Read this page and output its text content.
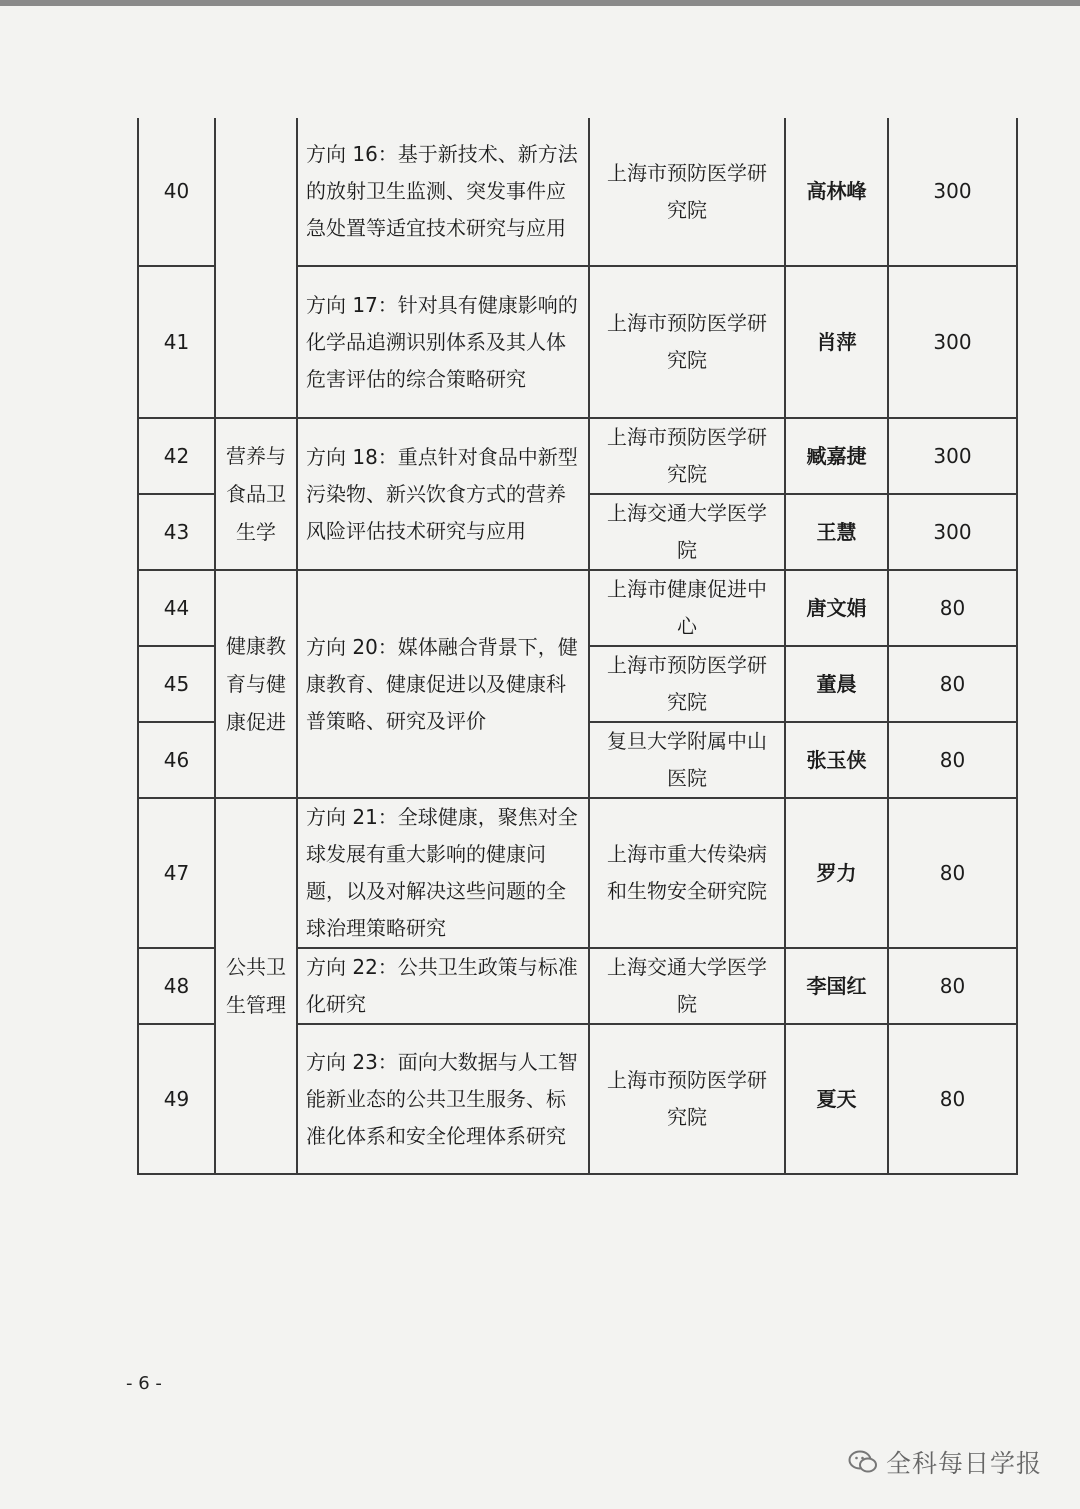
40		方向 16：基于新技术、新方法的放射卫生监测、突发事件应急处置等适宜技术研究与应用	上海市预防医学研究院	高林峰	300
41		方向 17：针对具有健康影响的化学品追溯识别体系及其人体危害评估的综合策略研究	上海市预防医学研究院	肖萍	300
42	营养与食品卫生学	方向 18：重点针对食品中新型污染物、新兴饮食方式的营养风险评估技术研究与应用	上海市预防医学研究院	臧嘉捷	300
43			上海交通大学医学院	王慧	300
44	健康教育与健康促进	方向 20：媒体融合背景下，健康教育、健康促进以及健康科普策略、研究及评价	上海市健康促进中心	唐文娟	80
45			上海市预防医学研究院	董晨	80
46			复旦大学附属中山医院	张玉侠	80
47	公共卫生管理	方向 21：全球健康，聚焦对全球发展有重大影响的健康问题，以及对解决这些问题的全球治理策略研究	上海市重大传染病和生物安全研究院	罗力	80
48		方向 22：公共卫生政策与标准化研究	上海交通大学医学院	李国红	80
49		方向 23：面向大数据与人工智能新业态的公共卫生服务、标准化体系和安全伦理体系研究	上海市预防医学研究院	夏天	80
- 6 -
全科每日学报
